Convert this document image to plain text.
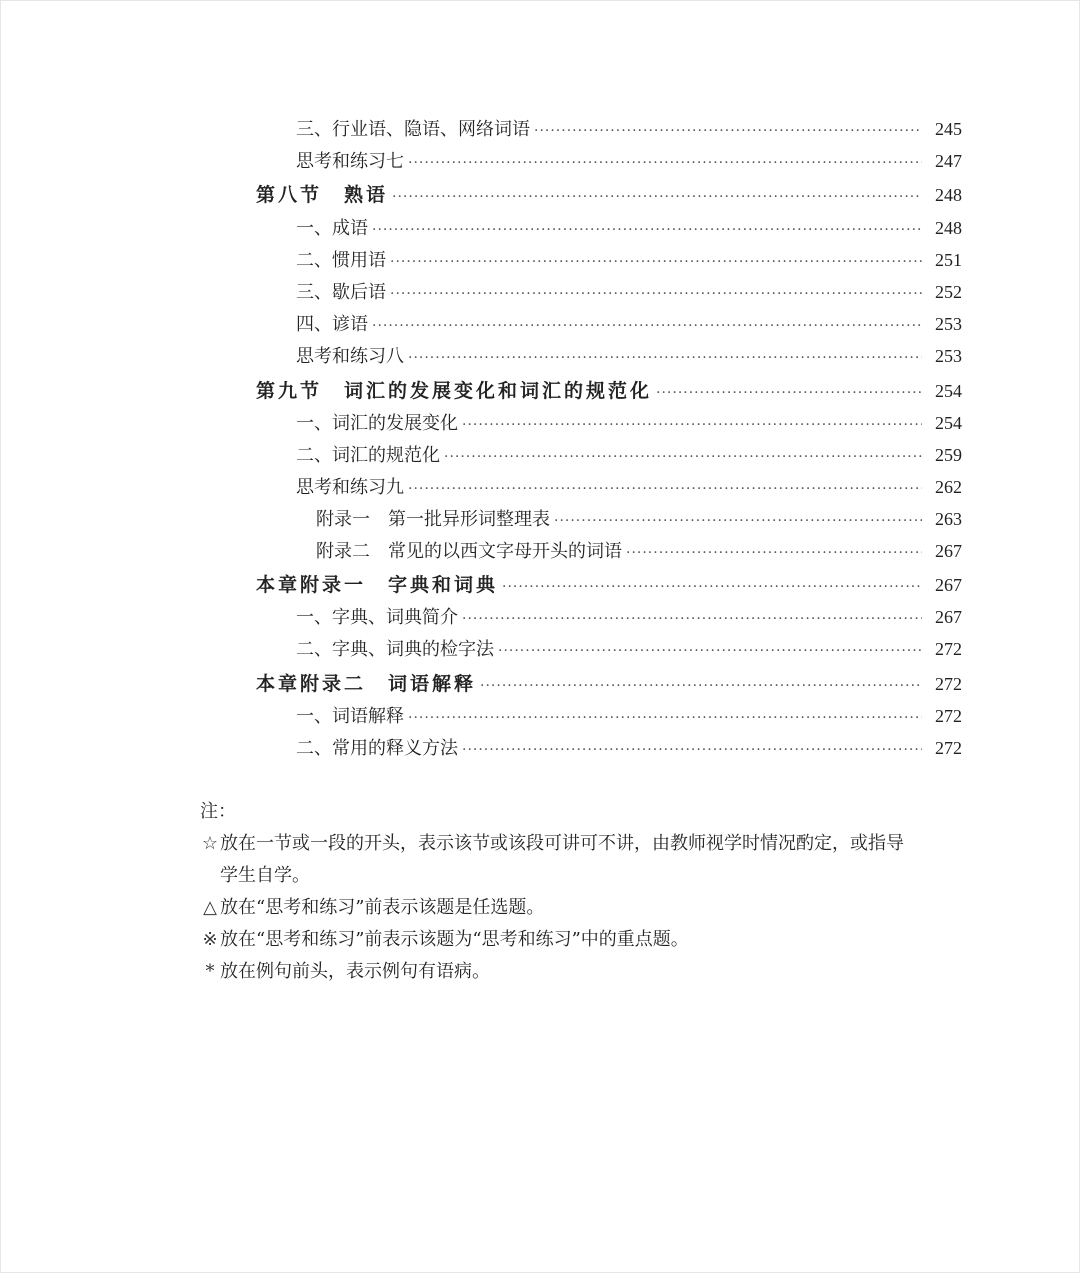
三、行业语、隐语、网络词语 ·····	245
思考和练习七 ·····	247
第八节　熟语 ·····	248
一、成语 ·····	248
二、惯用语 ·····	251
三、歇后语 ·····	252
四、谚语 ·····	253
思考和练习八 ·····	253
第九节　词汇的发展变化和词汇的规范化 ·····	254
一、词汇的发展变化 ·····	254
二、词汇的规范化 ·····	259
思考和练习九 ·····	262
附录一　第一批异形词整理表 ·····	263
附录二　常见的以西文字母开头的词语 ·····	267
本章附录一　字典和词典 ·····	267
一、字典、词典简介 ·····	267
二、字典、词典的检字法 ·····	272
本章附录二　词语解释 ·····	272
一、词语解释 ·····	272
二、常用的释义方法 ·····	272
注：
☆ 放在一节或一段的开头，表示该节或该段可讲可不讲，由教师视学时情况酌定，或指导
学生自学。
△ 放在“思考和练习”前表示该题是任选题。
※ 放在“思考和练习”前表示该题为“思考和练习”中的重点题。
* 放在例句前头，表示例句有语病。
